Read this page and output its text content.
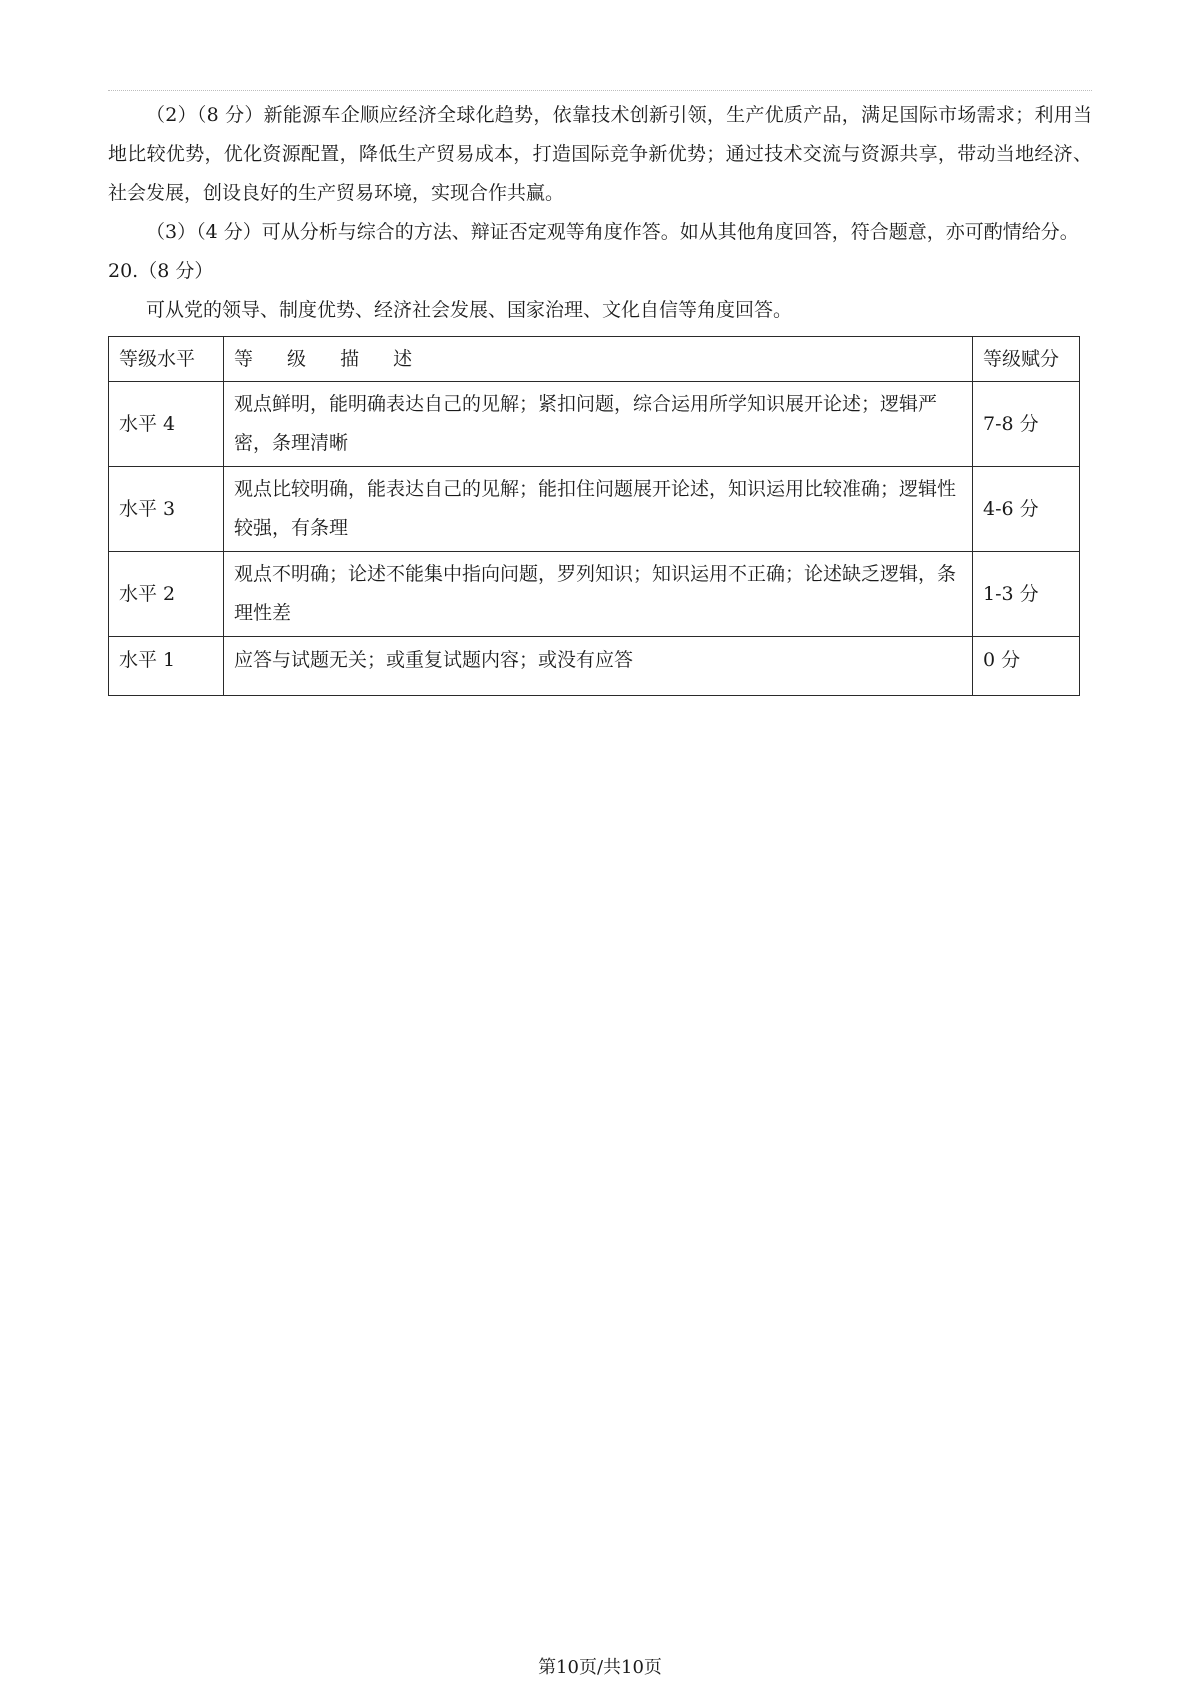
（2）（8 分）新能源车企顺应经济全球化趋势，依靠技术创新引领，生产优质产品，满足国际市场需求；利用当地比较优势，优化资源配置，降低生产贸易成本，打造国际竞争新优势；通过技术交流与资源共享，带动当地经济、社会发展，创设良好的生产贸易环境，实现合作共赢。

（3）（4 分）可从分析与综合的方法、辩证否定观等角度作答。如从其他角度回答，符合题意，亦可酌情给分。

20.（8 分）

可从党的领导、制度优势、经济社会发展、国家治理、文化自信等角度回答。

等级水平	等 级 描 述	等级赋分
水平 4	观点鲜明，能明确表达自己的见解；紧扣问题，综合运用所学知识展开论述；逻辑严密，条理清晰	7-8 分
水平 3	观点比较明确，能表达自己的见解；能扣住问题展开论述，知识运用比较准确；逻辑性较强，有条理	4-6 分
水平 2	观点不明确；论述不能集中指向问题，罗列知识；知识运用不正确；论述缺乏逻辑，条理性差	1-3 分
水平 1	应答与试题无关；或重复试题内容；或没有应答	0 分
第10页/共10页
